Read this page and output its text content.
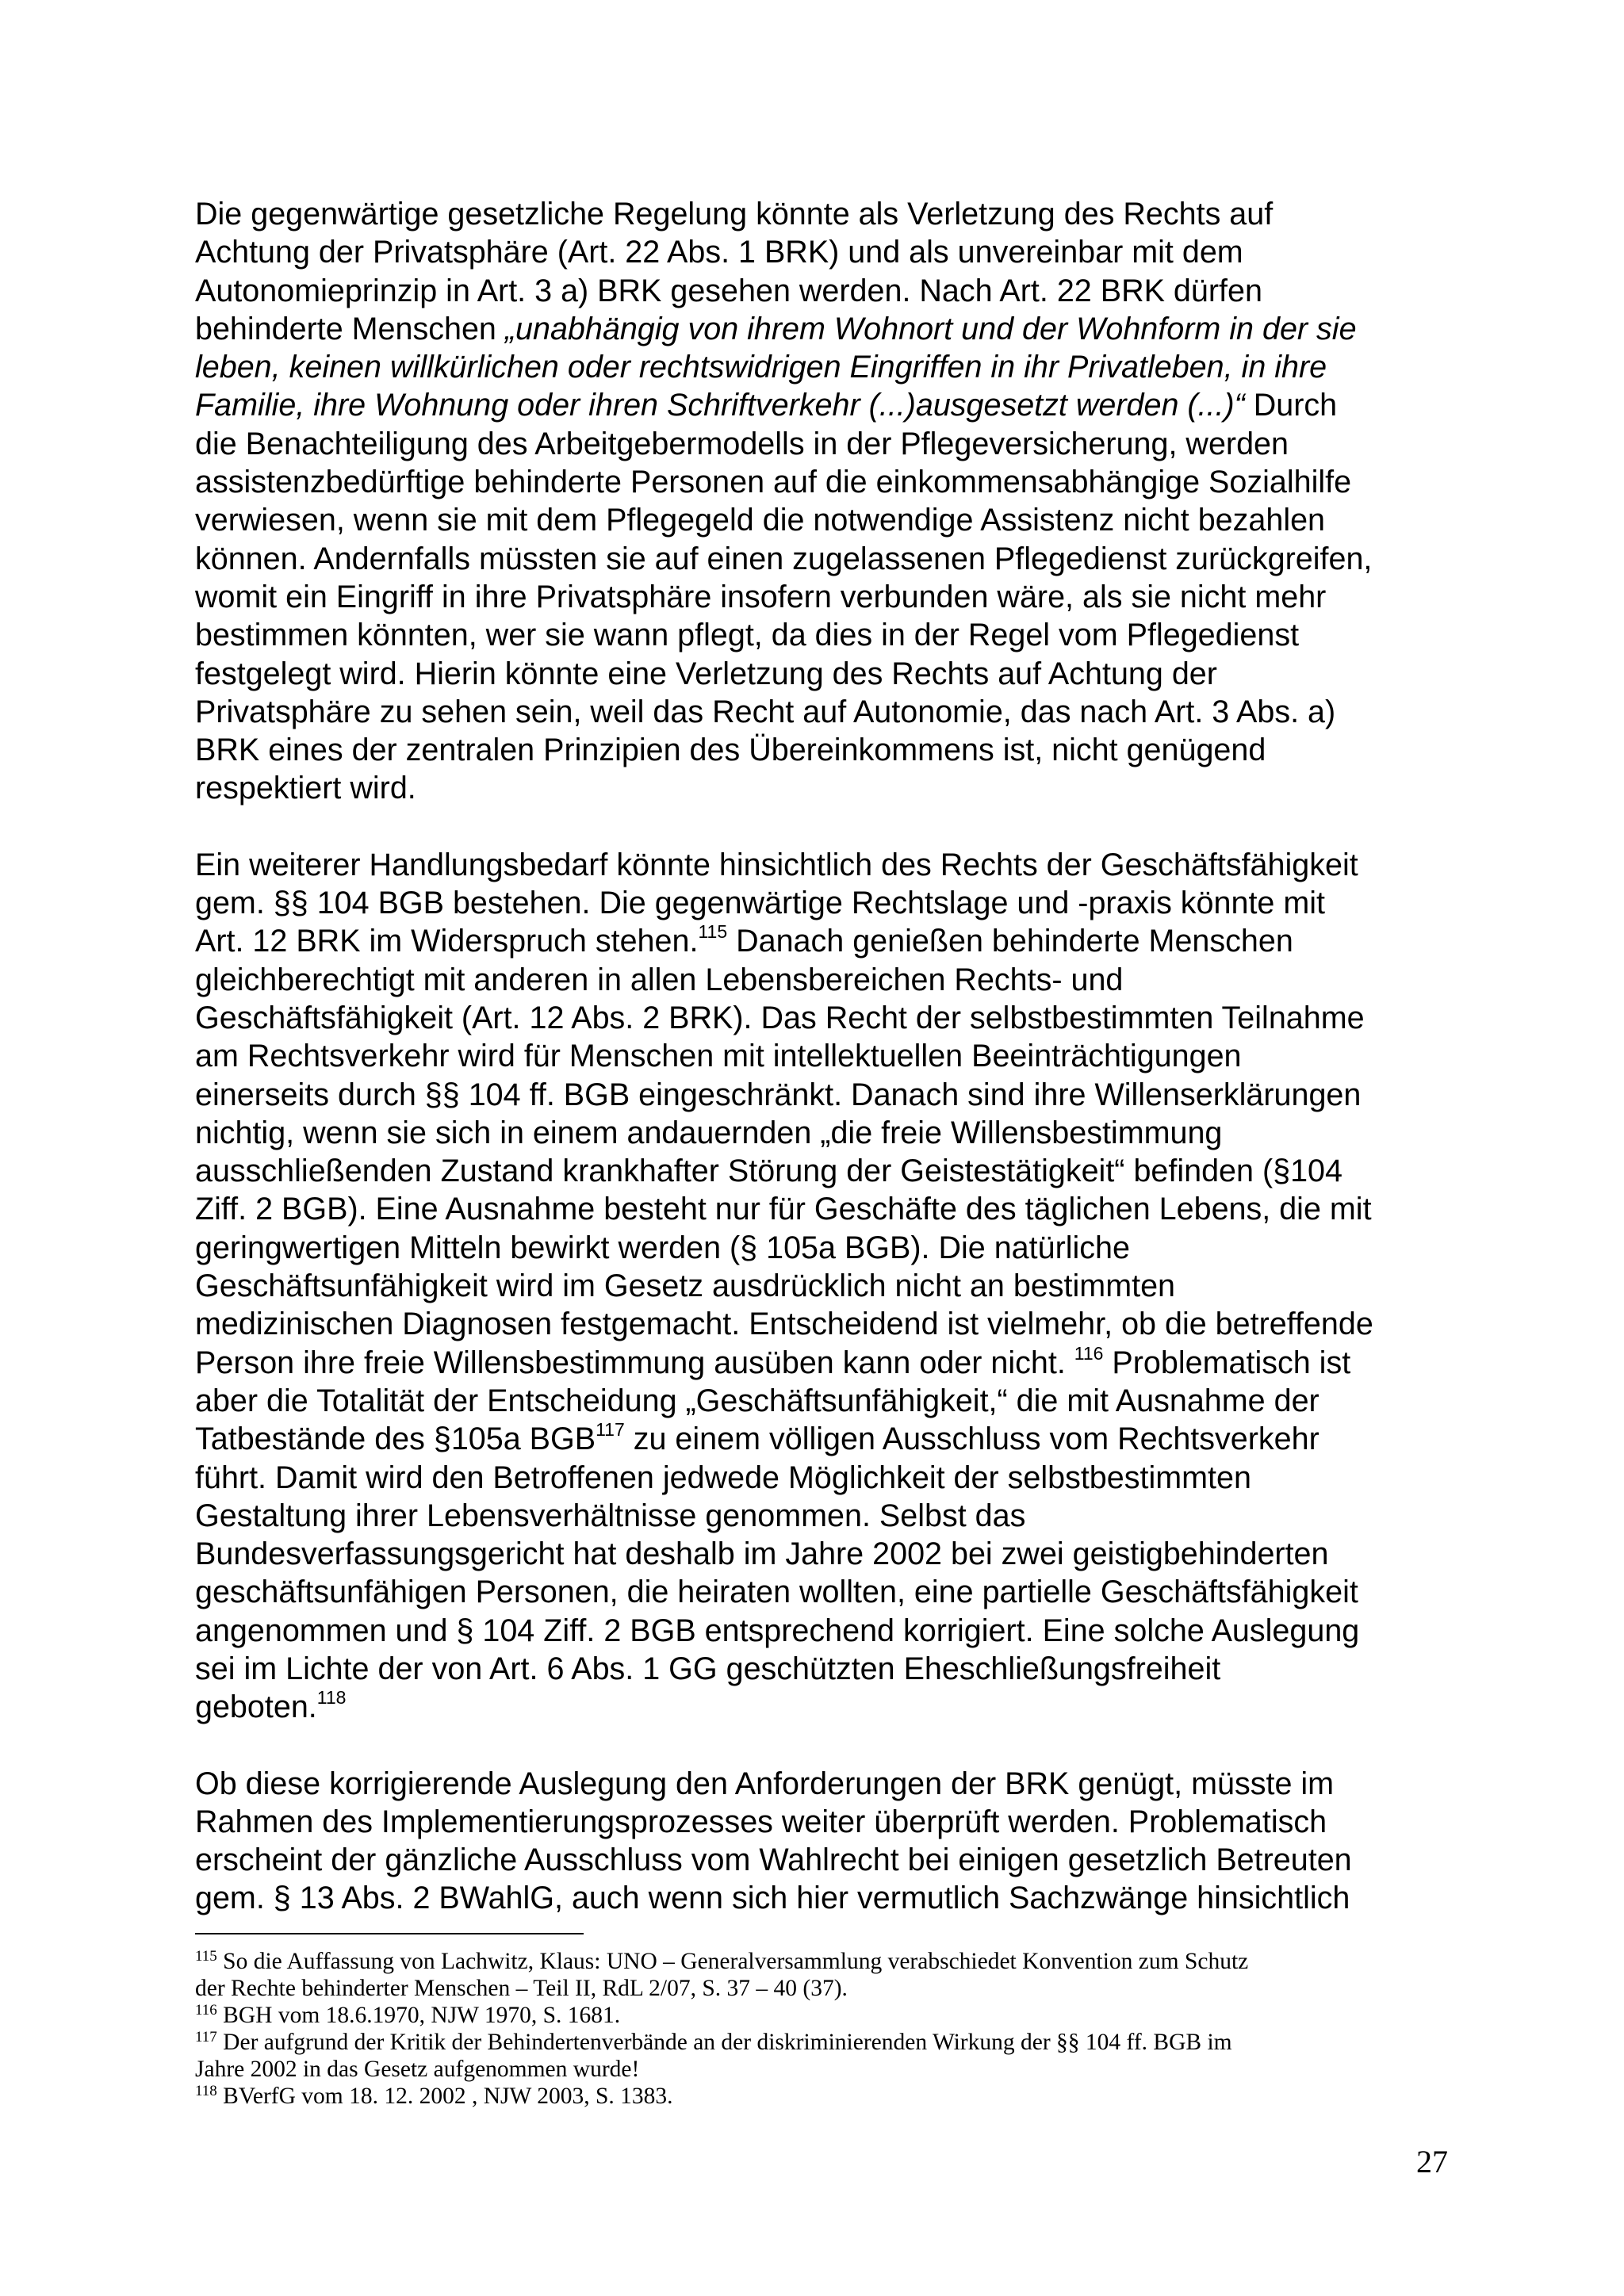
Die gegenwärtige gesetzliche Regelung könnte als Verletzung des Rechts auf

Achtung der Privatsphäre (Art. 22 Abs. 1 BRK) und als unvereinbar mit dem

Autonomieprinzip in Art. 3 a) BRK gesehen werden. Nach Art. 22 BRK dürfen

behinderte Menschen „unabhängig von ihrem Wohnort und der Wohnform in der sie

leben, keinen willkürlichen oder rechtswidrigen Eingriffen in ihr Privatleben, in ihre

Familie, ihre Wohnung oder ihren Schriftverkehr (...)ausgesetzt werden (...)“ Durch

die Benachteiligung des Arbeitgebermodells in der Pflegeversicherung, werden

assistenzbedürftige behinderte Personen auf die einkommensabhängige Sozialhilfe

verwiesen, wenn sie mit dem Pflegegeld die notwendige Assistenz nicht bezahlen

können. Andernfalls müssten sie auf einen zugelassenen Pflegedienst zurückgreifen,

womit ein Eingriff in ihre Privatsphäre insofern verbunden wäre, als sie nicht mehr

bestimmen könnten, wer sie wann pflegt, da dies in der Regel vom Pflegedienst

festgelegt wird. Hierin könnte eine Verletzung des Rechts auf Achtung der

Privatsphäre zu sehen sein, weil das Recht auf Autonomie, das nach Art. 3 Abs. a)

BRK eines der zentralen Prinzipien des Übereinkommens ist, nicht genügend

respektiert wird.

Ein weiterer Handlungsbedarf könnte hinsichtlich des Rechts der Geschäftsfähigkeit

gem. §§ 104 BGB bestehen. Die gegenwärtige Rechtslage und -praxis könnte mit

Art. 12 BRK im Widerspruch stehen.$^{115}$ Danach genießen behinderte Menschen

gleichberechtigt mit anderen in allen Lebensbereichen Rechts- und

Geschäftsfähigkeit (Art. 12 Abs. 2 BRK). Das Recht der selbstbestimmten Teilnahme

am Rechtsverkehr wird für Menschen mit intellektuellen Beeinträchtigungen

einerseits durch §§ 104 ff. BGB eingeschränkt. Danach sind ihre Willenserklärungen

nichtig, wenn sie sich in einem andauernden „die freie Willensbestimmung

ausschließenden Zustand krankhafter Störung der Geistestätigkeit“ befinden (§104

Ziff. 2 BGB). Eine Ausnahme besteht nur für Geschäfte des täglichen Lebens, die mit

geringwertigen Mitteln bewirkt werden (§ 105a BGB). Die natürliche

Geschäftsunfähigkeit wird im Gesetz ausdrücklich nicht an bestimmten

medizinischen Diagnosen festgemacht. Entscheidend ist vielmehr, ob die betreffende

Person ihre freie Willensbestimmung ausüben kann oder nicht. $^{116}$ Problematisch ist

aber die Totalität der Entscheidung „Geschäftsunfähigkeit,“ die mit Ausnahme der

Tatbestände des §105a BGB$^{117}$ zu einem völligen Ausschluss vom Rechtsverkehr

führt. Damit wird den Betroffenen jedwede Möglichkeit der selbstbestimmten

Gestaltung ihrer Lebensverhältnisse genommen. Selbst das

Bundesverfassungsgericht hat deshalb im Jahre 2002 bei zwei geistigbehinderten

geschäftsunfähigen Personen, die heiraten wollten, eine partielle Geschäftsfähigkeit

angenommen und § 104 Ziff. 2 BGB entsprechend korrigiert. Eine solche Auslegung

sei im Lichte der von Art. 6 Abs. 1 GG geschützten Eheschließungsfreiheit

geboten.$^{118}$

Ob diese korrigierende Auslegung den Anforderungen der BRK genügt, müsste im

Rahmen des Implementierungsprozesses weiter überprüft werden. Problematisch

erscheint der gänzliche Ausschluss vom Wahlrecht bei einigen gesetzlich Betreuten

gem. § 13 Abs. 2 BWahlG, auch wenn sich hier vermutlich Sachzwänge hinsichtlich

$^{115}$ So die Auffassung von Lachwitz, Klaus: UNO – Generalversammlung verabschiedet Konvention zum Schutz

der Rechte behinderter Menschen – Teil II, RdL 2/07, S. 37 – 40 (37).

$^{116}$ BGH vom 18.6.1970, NJW 1970, S. 1681.

$^{117}$ Der aufgrund der Kritik der Behindertenverbände an der diskriminierenden Wirkung der §§ 104 ff. BGB im

Jahre 2002 in das Gesetz aufgenommen wurde!

$^{118}$ BVerfG vom 18. 12. 2002 , NJW 2003, S. 1383.

27
